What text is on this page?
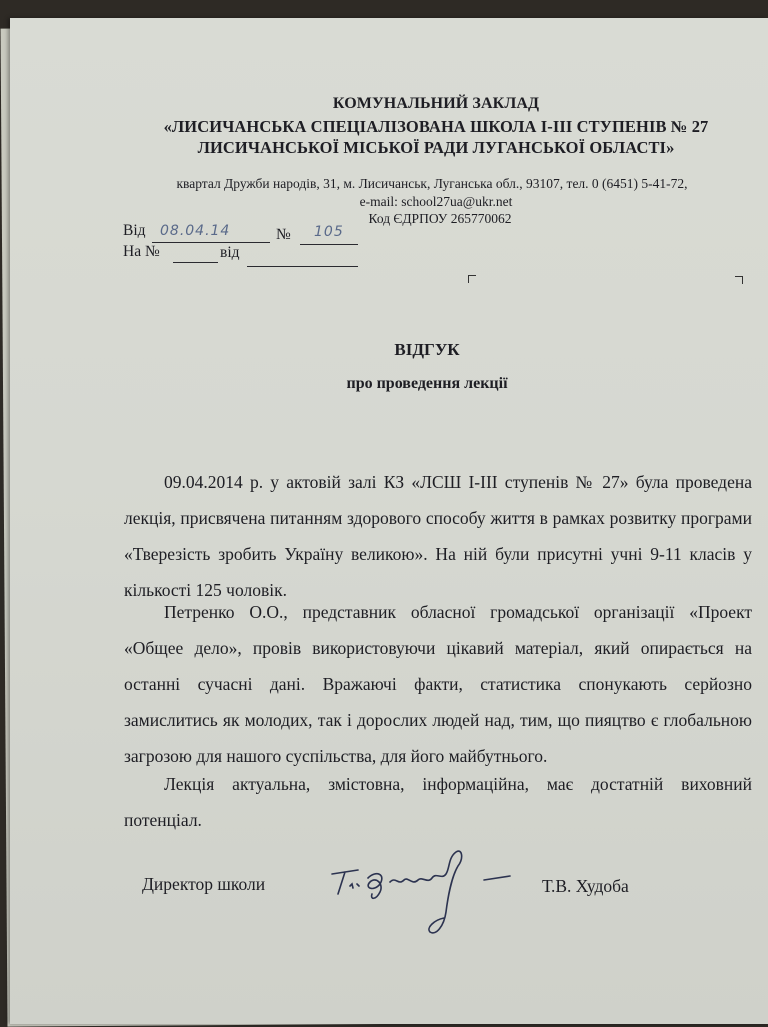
КОМУНАЛЬНИЙ ЗАКЛАД
«ЛИСИЧАНСЬКА СПЕЦІАЛІЗОВАНА ШКОЛА І-ІІІ СТУПЕНІВ № 27
ЛИСИЧАНСЬКОЇ МІСЬКОЇ РАДИ ЛУГАНСЬКОЇ ОБЛАСТІ»
квартал Дружби народів, 31, м. Лисичанськ, Луганська обл., 93107, тел. 0 (6451) 5-41-72,
e-mail: school27ua@ukr.net
Код ЄДРПОУ 265770062
Від 08.04.14	№ 105
На №	від
ВІДГУК
про проведення лекції

09.04.2014 р. у актовій залі КЗ «ЛСШ І-ІІІ ступенів № 27» була проведена лекція, присвячена питанням здорового способу життя в рамках розвитку програми «Тверезість зробить Україну великою». На ній були присутні учні 9-11 класів у кількості 125 чоловік.

Петренко О.О., представник обласної громадської організації «Проект «Общее дело», провів використовуючи цікавий матеріал, який опирається на останні сучасні дані. Вражаючі факти, статистика спонукають серйозно замислитись як молодих, так і дорослих людей над, тим, що пияцтво є глобальною загрозою для нашого суспільства, для його майбутнього.

Лекція актуальна, змістовна, інформаційна, має достатній виховний потенціал.

Директор школи	Т.В. Худоба
